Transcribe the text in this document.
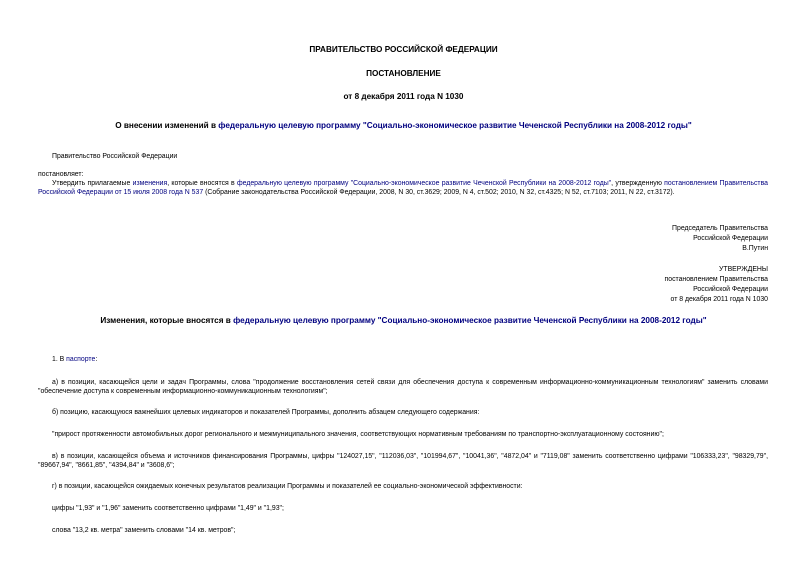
ПРАВИТЕЛЬСТВО РОССИЙСКОЙ ФЕДЕРАЦИИ
ПОСТАНОВЛЕНИЕ
от 8 декабря 2011 года N 1030
О внесении изменений в федеральную целевую программу "Социально-экономическое развитие Чеченской Республики на 2008-2012 годы"
Правительство Российской Федерации
постановляет:
Утвердить прилагаемые изменения, которые вносятся в федеральную целевую программу "Социально-экономическое развитие Чеченской Республики на 2008-2012 годы", утвержденную постановлением Правительства Российской Федерации от 15 июля 2008 года N 537 (Собрание законодательства Российской Федерации, 2008, N 30, ст.3629; 2009, N 4, ст.502; 2010, N 32, ст.4325; N 52, ст.7103; 2011, N 22, ст.3172).
Председатель Правительства
Российской Федерации
В.Путин
УТВЕРЖДЕНЫ
постановлением Правительства
Российской Федерации
от 8 декабря 2011 года N 1030
Изменения, которые вносятся в федеральную целевую программу "Социально-экономическое развитие Чеченской Республики на 2008-2012 годы"
1. В паспорте:
а) в позиции, касающейся цели и задач Программы, слова "продолжение восстановления сетей связи для обеспечения доступа к современным информационно-коммуникационным технологиям" заменить словами "обеспечение доступа к современным информационно-коммуникационным технологиям";
б) позицию, касающуюся важнейших целевых индикаторов и показателей Программы, дополнить абзацем следующего содержания:
"прирост протяженности автомобильных дорог регионального и межмуниципального значения, соответствующих нормативным требованиям по транспортно-эксплуатационному состоянию";
в) в позиции, касающейся объема и источников финансирования Программы, цифры "124027,15", "112036,03", "101994,67", "10041,36", "4872,04" и "7119,08" заменить соответственно цифрами "106333,23", "98329,79", "89667,94", "8661,85", "4394,84" и "3608,6";
г) в позиции, касающейся ожидаемых конечных результатов реализации Программы и показателей ее социально-экономической эффективности:
цифры "1,93" и "1,96" заменить соответственно цифрами "1,49" и "1,93";
слова "13,2 кв. метра" заменить словами "14 кв. метров";
